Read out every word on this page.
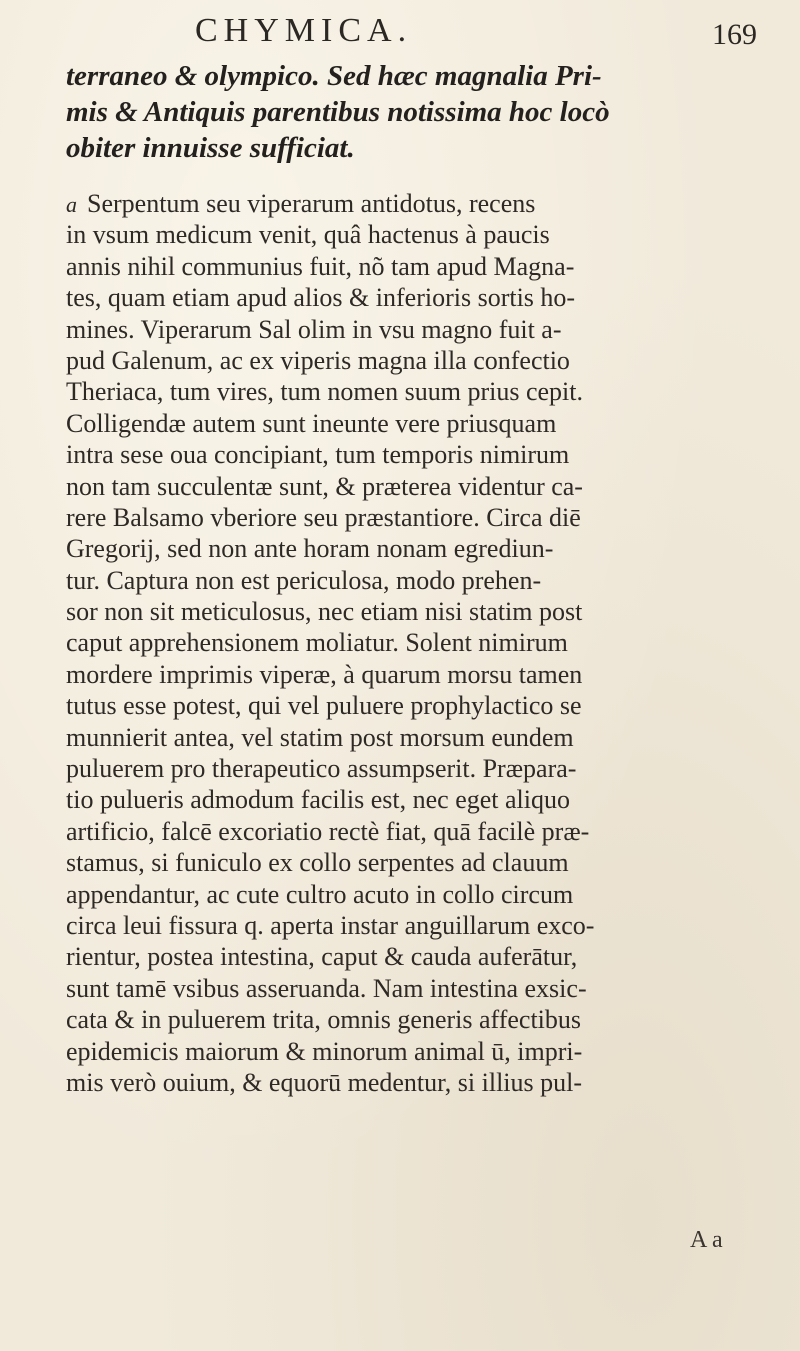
CHYMICA.	169
terraneo & olympico. Sed hæc magnalia Pri-
mis & Antiquis parentibus notissima hoc locò
obiter innuisse sufficiat.
a Serpentum seu viperarum antidotus, recens
in vsum medicum venit, quâ hactenus à paucis
annis nihil communius fuit, nõ tam apud Magna-
tes, quam etiam apud alios & inferioris sortis ho-
mines. Viperarum Sal olim in vsu magno fuit a-
pud Galenum, ac ex viperis magna illa confectio
Theriaca, tum vires, tum nomen suum prius cepit.
Colligendæ autem sunt ineunte vere priusquam
intra sese oua concipiant, tum temporis nimirum
non tam succulentæ sunt, & præterea videntur ca-
rere Balsamo vberiore seu præstantiore. Circa diē
Gregorij, sed non ante horam nonam egrediun-
tur. Captura non est periculosa, modo prehen-
sor non sit meticulosus, nec etiam nisi statim post
caput apprehensionem moliatur. Solent nimirum
mordere imprimis viperæ, à quarum morsu tamen
tutus esse potest, qui vel puluere prophylactico se
munnierit antea, vel statim post morsum eundem
puluerem pro therapeutico assumpserit. Præpara-
tio pulueris admodum facilis est, nec eget aliquo
artificio, falcē excoriatio rectè fiat, quā facilè præ-
stamus, si funiculo ex collo serpentes ad clauum
appendantur, ac cute cultro acuto in collo circum
circa leui fissura q. aperta instar anguillarum exco-
rientur, postea intestina, caput & cauda auferātur,
sunt tamē vsibus asseruanda. Nam intestina exsic-
cata & in puluerem trita, omnis generis affectibus
epidemicis maiorum & minorum animal ū, impri-
mis verò ouium, & equorū medentur, si illius pul-
A a
